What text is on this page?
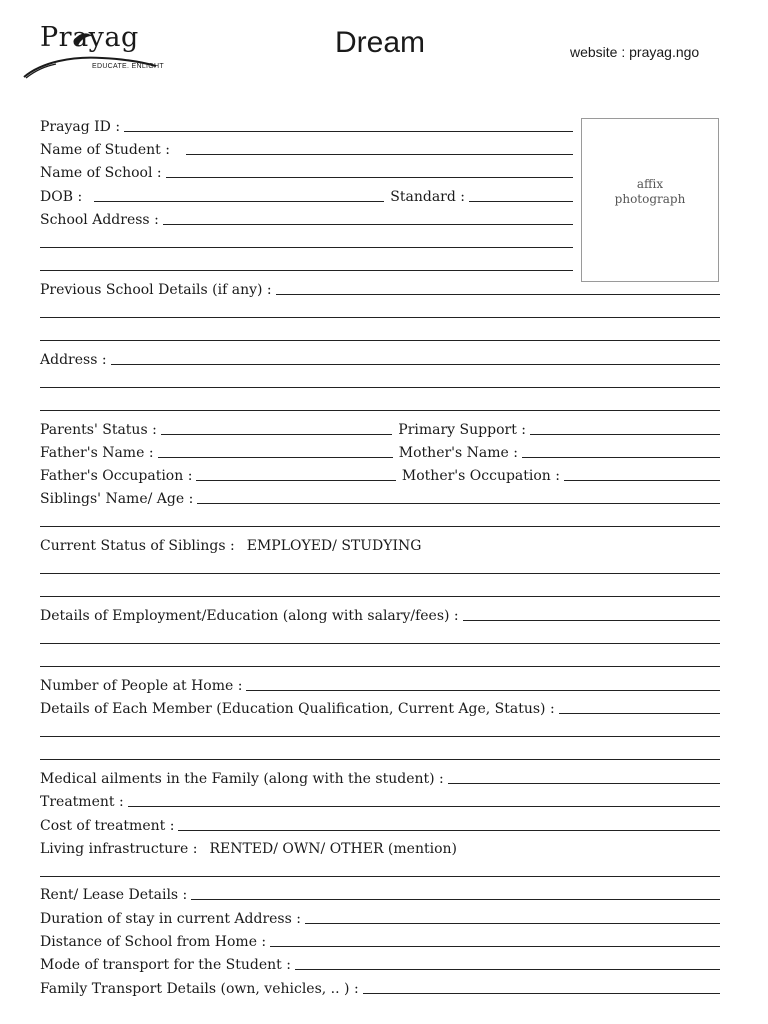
Prayag
EDUCATE. ENLIGHT
Dream	website : prayag.ngo
affix
photograph
Prayag ID :
Name of Student :
Name of School :
DOB :	Standard :
School Address :
Previous School Details (if any) :
Address :
Parents' Status :	Primary Support :
Father's Name :	Mother's Name :
Father's Occupation :	Mother's Occupation :
Siblings' Name/ Age :
Current Status of Siblings : EMPLOYED/ STUDYING
Details of Employment/Education (along with salary/fees) :
Number of People at Home :
Details of Each Member (Education Qualification, Current Age, Status) :
Medical ailments in the Family (along with the student) :
Treatment :
Cost of treatment :
Living infrastructure : RENTED/ OWN/ OTHER (mention)
Rent/ Lease Details :
Duration of stay in current Address :
Distance of School from Home :
Mode of transport for the Student :
Family Transport Details (own, vehicles, .. ) :
